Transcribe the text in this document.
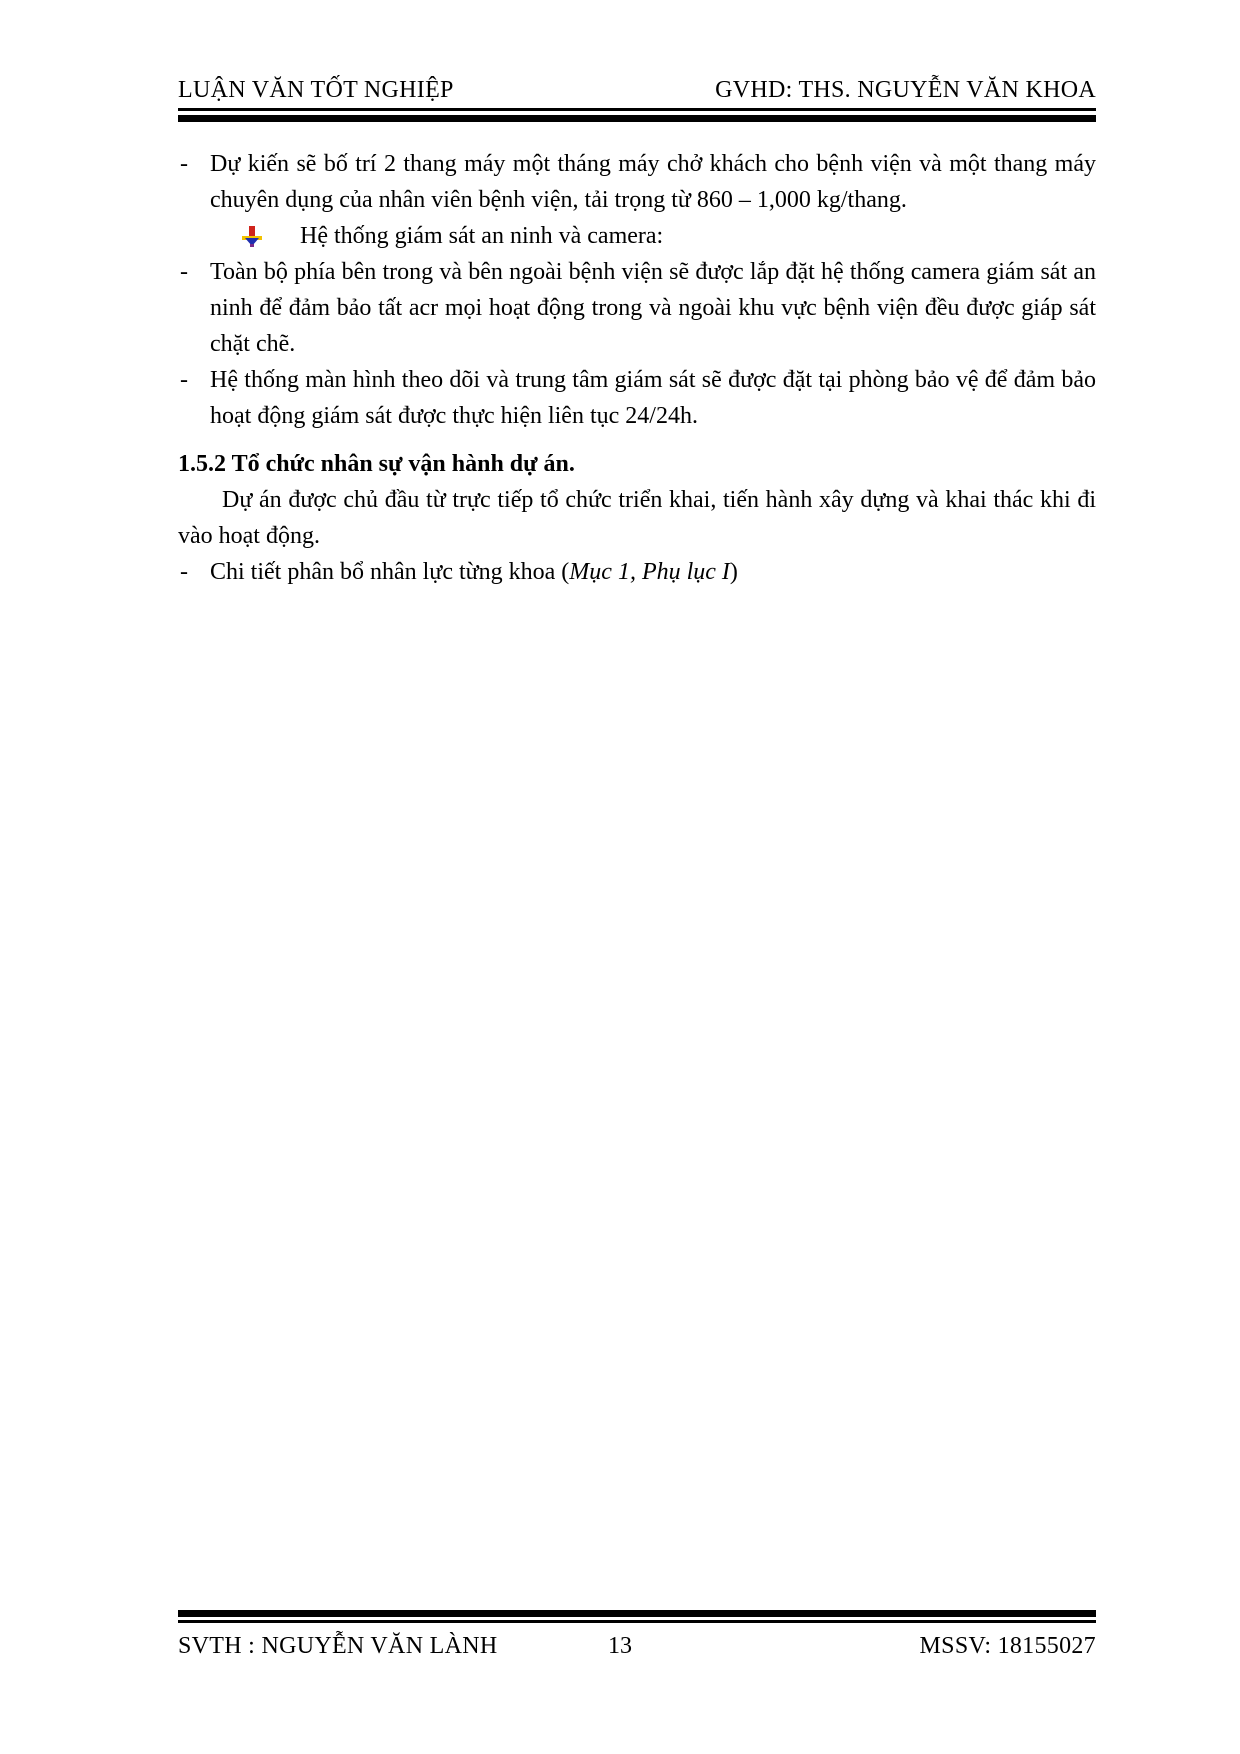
LUẬN VĂN TỐT NGHIỆP	GVHD: THS. NGUYỄN VĂN KHOA
- Dự kiến sẽ bố trí 2 thang máy một tháng máy chở khách cho bệnh viện và một thang máy chuyên dụng của nhân viên bệnh viện, tải trọng từ 860 – 1,000 kg/thang.
Hệ thống giám sát an ninh và camera:
- Toàn bộ phía bên trong và bên ngoài bệnh viện sẽ được lắp đặt hệ thống camera giám sát an ninh để đảm bảo tất acr mọi hoạt động trong và ngoài khu vực bệnh viện đều được giáp sát chặt chẽ.
- Hệ thống màn hình theo dõi và trung tâm giám sát sẽ được đặt tại phòng bảo vệ để đảm bảo hoạt động giám sát được thực hiện liên tục 24/24h.
1.5.2 Tổ chức nhân sự vận hành dự án.
Dự án được chủ đầu từ trực tiếp tổ chức triển khai, tiến hành xây dựng và khai thác khi đi vào hoạt động.
- Chi tiết phân bổ nhân lực từng khoa (Mục 1, Phụ lục I)
SVTH : NGUYỄN VĂN LÀNH	13	MSSV: 18155027
